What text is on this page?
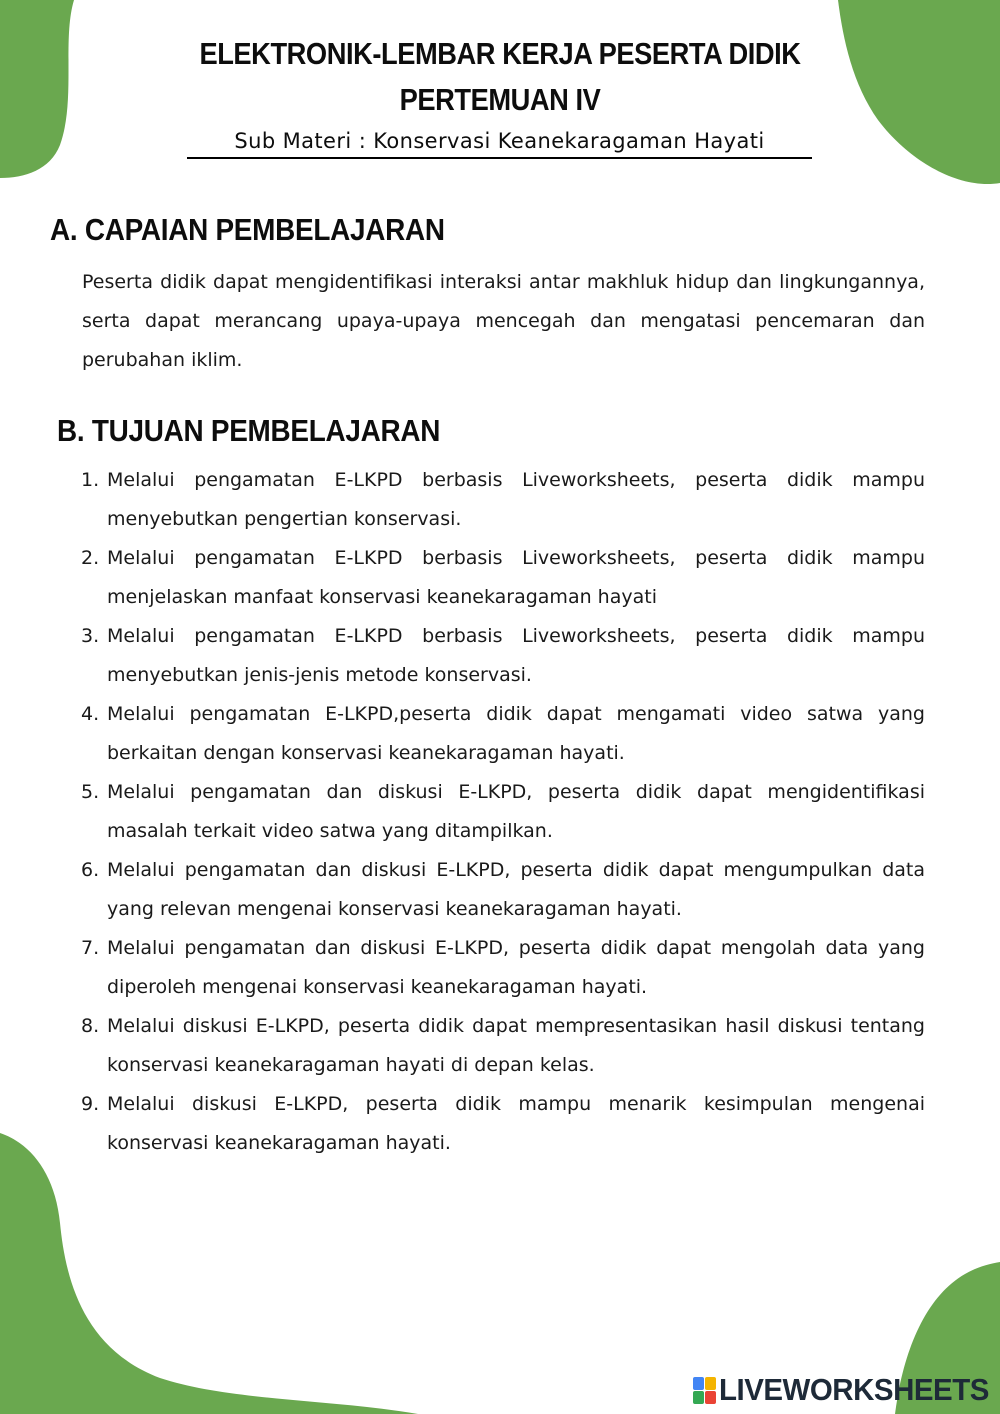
ELEKTRONIK-LEMBAR KERJA PESERTA DIDIK
PERTEMUAN IV
Sub Materi : Konservasi Keanekaragaman Hayati
A. CAPAIAN PEMBELAJARAN

Peserta didik dapat mengidentifikasi interaksi antar makhluk hidup dan lingkungannya, serta dapat merancang upaya-upaya mencegah dan mengatasi pencemaran dan perubahan iklim.

B. TUJUAN PEMBELAJARAN
1. Melalui pengamatan E-LKPD berbasis Liveworksheets, peserta didik mampu menyebutkan pengertian konservasi.
2. Melalui pengamatan E-LKPD berbasis Liveworksheets, peserta didik mampu menjelaskan manfaat konservasi keanekaragaman hayati
3. Melalui pengamatan E-LKPD berbasis Liveworksheets, peserta didik mampu menyebutkan jenis-jenis metode konservasi.
4. Melalui pengamatan E-LKPD,peserta didik dapat mengamati video satwa yang berkaitan dengan konservasi keanekaragaman hayati.
5. Melalui pengamatan dan diskusi E-LKPD, peserta didik dapat mengidentifikasi masalah terkait video satwa yang ditampilkan.
6. Melalui pengamatan dan diskusi E-LKPD, peserta didik dapat mengumpulkan data yang relevan mengenai konservasi keanekaragaman hayati.
7. Melalui pengamatan dan diskusi E-LKPD, peserta didik dapat mengolah data yang diperoleh mengenai konservasi keanekaragaman hayati.
8. Melalui diskusi E-LKPD, peserta didik dapat mempresentasikan hasil diskusi tentang konservasi keanekaragaman hayati di depan kelas.
9. Melalui diskusi E-LKPD, peserta didik mampu menarik kesimpulan mengenai konservasi keanekaragaman hayati.
LIVEWORKSHEETS
